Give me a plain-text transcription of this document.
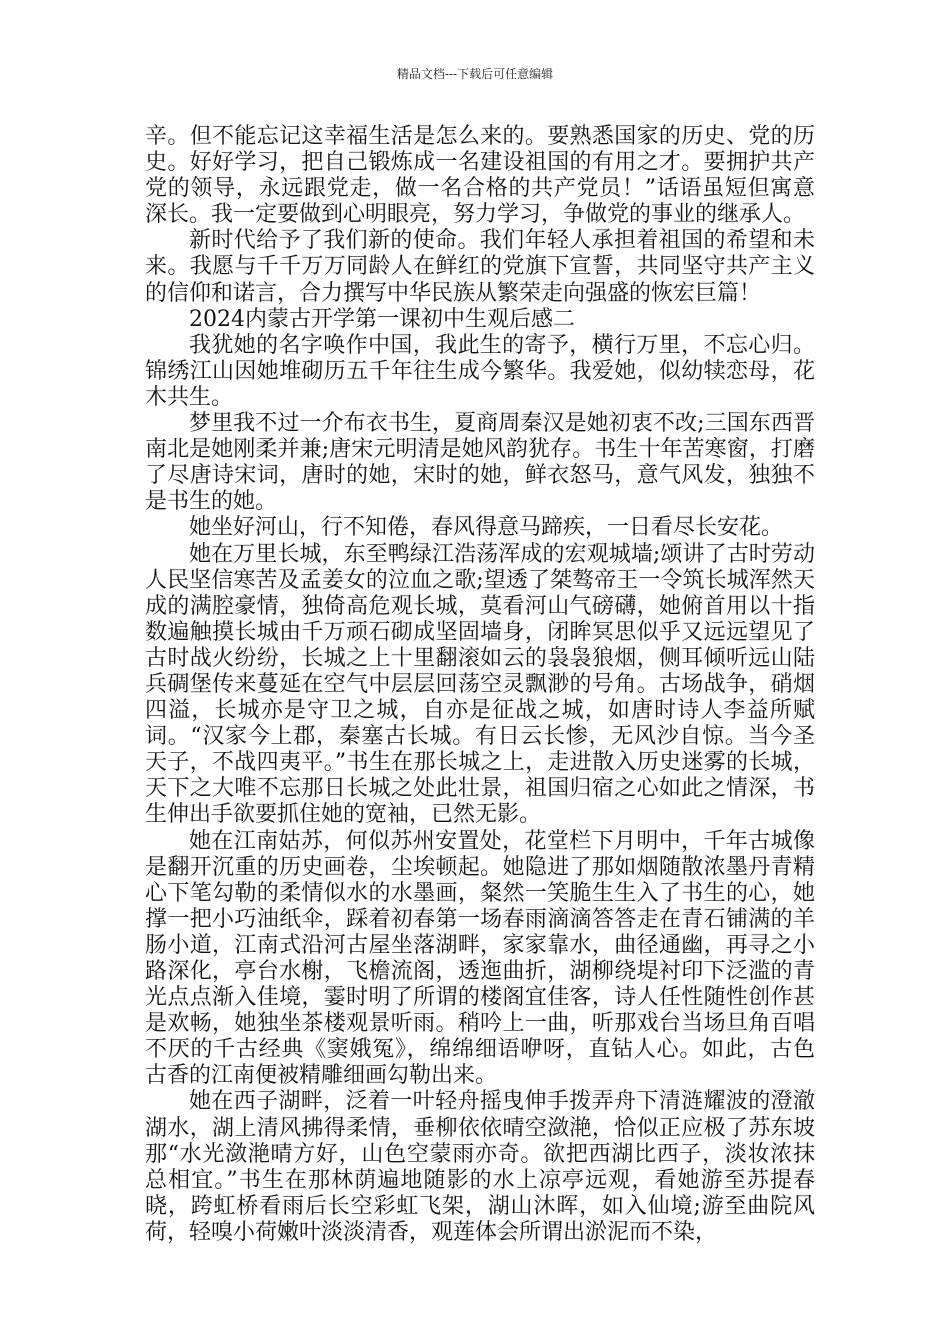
精品文档---下载后可任意编辑

辛。但不能忘记这幸福生活是怎么来的。要熟悉国家的历史、党的历史。好好学习，把自己锻炼成一名建设祖国的有用之才。要拥护共产党的领导，永远跟党走，做一名合格的共产党员！”话语虽短但寓意深长。我一定要做到心明眼亮，努力学习，争做党的事业的继承人。

新时代给予了我们新的使命。我们年轻人承担着祖国的希望和未来。我愿与千千万万同龄人在鲜红的党旗下宣誓，共同坚守共产主义的信仰和诺言，合力撰写中华民族从繁荣走向强盛的恢宏巨篇！

2024内蒙古开学第一课初中生观后感二

我犹她的名字唤作中国，我此生的寄予，横行万里，不忘心归。锦绣江山因她堆砌历五千年往生成今繁华。我爱她，似幼犊恋母，花木共生。

梦里我不过一介布衣书生，夏商周秦汉是她初衷不改;三国东西晋南北是她刚柔并兼;唐宋元明清是她风韵犹存。书生十年苦寒窗，打磨了尽唐诗宋词，唐时的她，宋时的她，鲜衣怒马，意气风发，独独不是书生的她。

她坐好河山，行不知倦，春风得意马蹄疾，一日看尽长安花。

她在万里长城，东至鸭绿江浩荡浑成的宏观城墙;颂讲了古时劳动人民坚信寒苦及孟姜女的泣血之歌;望透了桀骜帝王一令筑长城浑然天成的满腔豪情，独倚高危观长城，莫看河山气磅礴，她俯首用以十指数遍触摸长城由千万顽石砌成坚固墙身，闭眸冥思似乎又远远望见了古时战火纷纷，长城之上十里翻滚如云的袅袅狼烟，侧耳倾听远山陆兵碉堡传来蔓延在空气中层层回荡空灵飘渺的号角。古场战争，硝烟四溢，长城亦是守卫之城，自亦是征战之城，如唐时诗人李益所赋词。“汉家今上郡，秦塞古长城。有日云长惨，无风沙自惊。当今圣天子，不战四夷平。”书生在那长城之上，走进散入历史迷雾的长城，天下之大唯不忘那日长城之处此壮景，祖国归宿之心如此之情深，书生伸出手欲要抓住她的宽袖，已然无影。

她在江南姑苏，何似苏州安置处，花堂栏下月明中，千年古城像是翻开沉重的历史画卷，尘埃顿起。她隐进了那如烟随散浓墨丹青精心下笔勾勒的柔情似水的水墨画，粲然一笑脆生生入了书生的心，她撑一把小巧油纸伞，踩着初春第一场春雨滴滴答答走在青石铺满的羊肠小道，江南式沿河古屋坐落湖畔，家家靠水，曲径通幽，再寻之小路深化，亭台水榭，飞檐流阁，透迤曲折，湖柳绕堤衬印下泛滥的青光点点渐入佳境，霎时明了所谓的楼阁宜佳客，诗人任性随性创作甚是欢畅，她独坐茶楼观景听雨。稍吟上一曲，听那戏台当场旦角百唱不厌的千古经典《窦娥冤》，绵绵细语咿呀，直钻人心。如此，古色古香的江南便被精雕细画勾勒出来。

她在西子湖畔，泛着一叶轻舟摇曳伸手拨弄舟下清涟耀波的澄澈湖水，湖上清风拂得柔情，垂柳依依晴空潋滟，恰似正应极了苏东坡那“水光潋滟晴方好，山色空蒙雨亦奇。欲把西湖比西子，淡妆浓抹总相宜。”书生在那林荫遍地随影的水上凉亭远观，看她游至苏提春晓，跨虹桥看雨后长空彩虹飞架，湖山沐晖，如入仙境;游至曲院风荷，轻嗅小荷嫩叶淡淡清香，观莲体会所谓出淤泥而不染，
